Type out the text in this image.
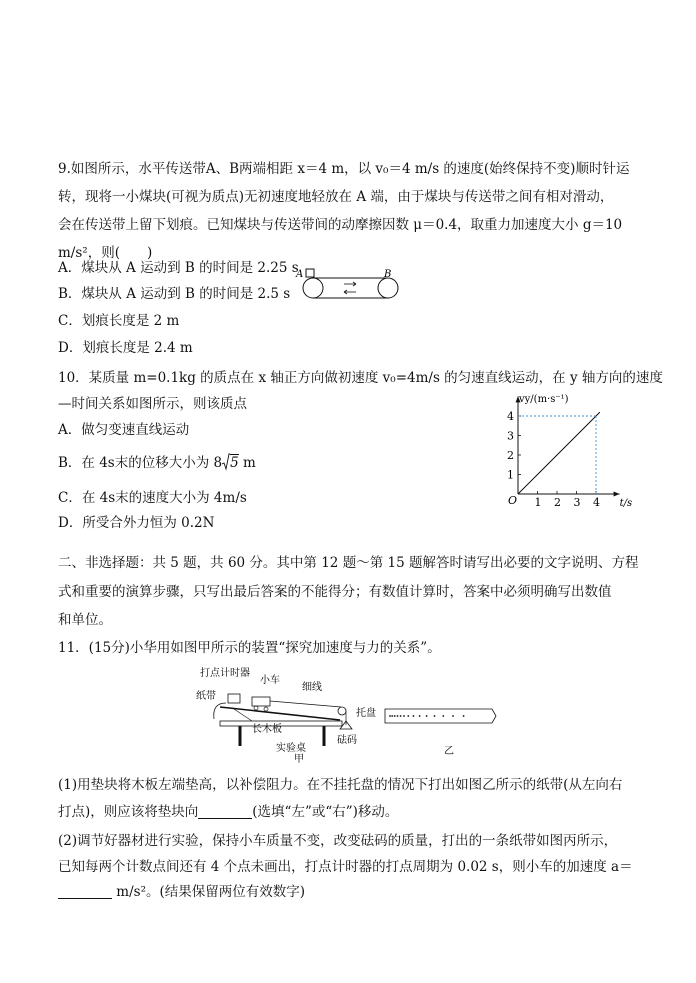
9.如图所示，水平传送带A、B两端相距 x＝4 m，以 v₀＝4 m/s 的速度(始终保持不变)顺时针运
转，现将一小煤块(可视为质点)无初速度地轻放在 A 端，由于煤块与传送带之间有相对滑动，
会在传送带上留下划痕。已知煤块与传送带间的动摩擦因数 μ＝0.4，取重力加速度大小 g＝10
m/s²，则(　　)
A	B
A．煤块从 A 运动到 B 的时间是 2.25 s
B．煤块从 A 运动到 B 的时间是 2.5 s
C．划痕长度是 2 m
D．划痕长度是 2.4 m
10．某质量 m=0.1kg 的质点在 x 轴正方向做初速度 v₀=4m/s 的匀速直线运动，在 y 轴方向的速度
—时间关系如图所示，则该质点
A．做匀变速直线运动
B．在 4s末的位移大小为 8 5 m
C．在 4s末的速度大小为 4m/s
D．所受合外力恒为 0.2N
O
vy/(m·s⁻¹)
t/s
1 2 3 4
1
2
3
4
二、非选择题：共 5 题，共 60 分。其中第 12 题～第 15 题解答时请写出必要的文字说明、方程
式和重要的演算步骤，只写出最后答案的不能得分；有数值计算时，答案中必须明确写出数值
和单位。
11．(15分)小华用如图甲所示的装置“探究加速度与力的关系”。
打点计时器
小车
细线
纸带
托盘
砝码
长木板
实验桌
甲
乙
(1)用垫块将木板左端垫高，以补偿阻力。在不挂托盘的情况下打出如图乙所示的纸带(从左向右
打点)，则应该将垫块向	(选填“左”或“右”)移动。
(2)调节好器材进行实验，保持小车质量不变，改变砝码的质量，打出的一条纸带如图丙所示，
已知每两个计数点间还有 4 个点未画出，打点计时器的打点周期为 0.02 s，则小车的加速度 a＝
m/s²。(结果保留两位有效数字)
